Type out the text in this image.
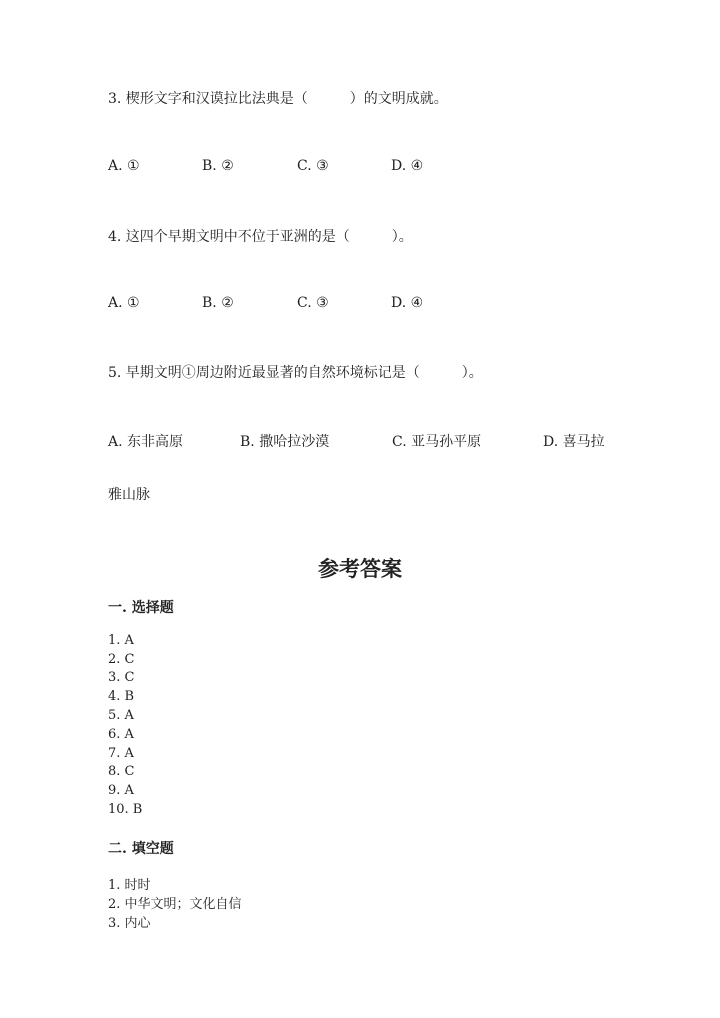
3. 楔形文字和汉谟拉比法典是（　　　）的文明成就。
A. ①	B. ②	C. ③	D. ④
4. 这四个早期文明中不位于亚洲的是（　　　）。
A. ①	B. ②	C. ③	D. ④
5. 早期文明①周边附近最显著的自然环境标记是（　　　）。
A. 东非高原	B. 撒哈拉沙漠	C. 亚马孙平原	D. 喜马拉
雅山脉
参考答案
一. 选择题
1. A
2. C
3. C
4. B
5. A
6. A
7. A
8. C
9. A
10. B
二. 填空题
1. 时时
2. 中华文明；文化自信
3. 内心
